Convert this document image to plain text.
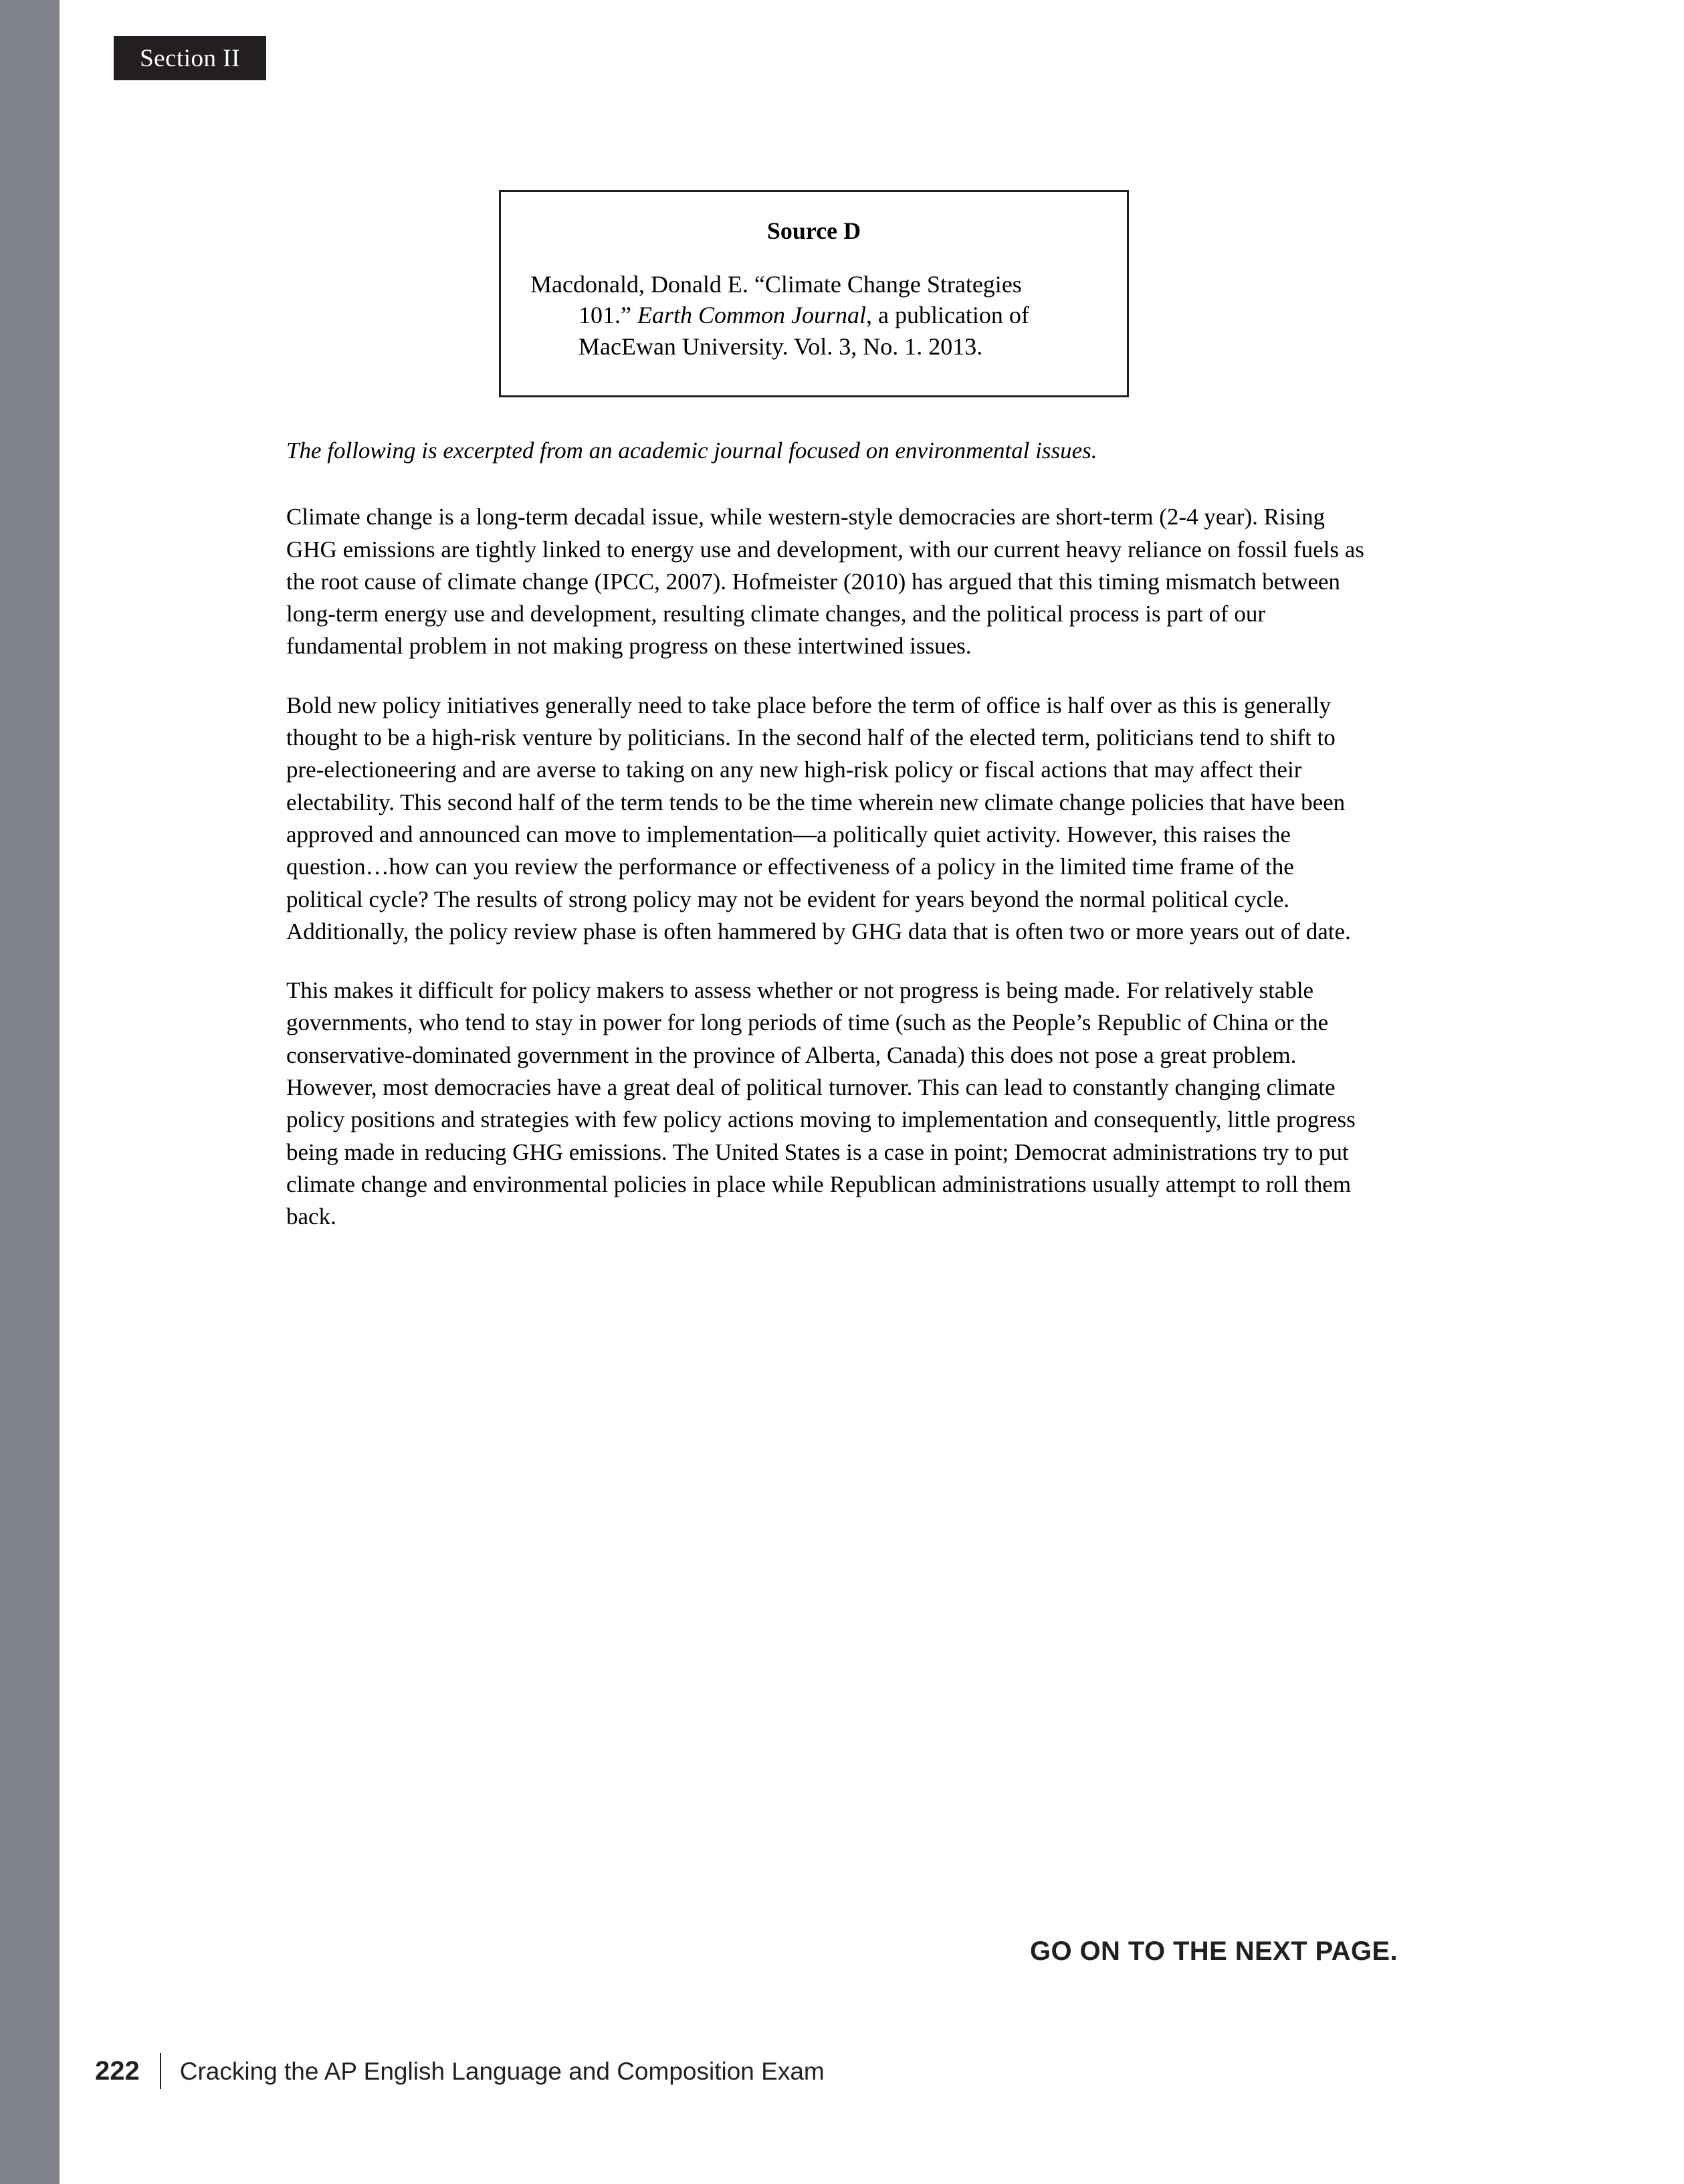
Section II
Source D
Macdonald, Donald E. “Climate Change Strategies
101.” Earth Common Journal, a publication of
MacEwan University. Vol. 3, No. 1. 2013.

The following is excerpted from an academic journal focused on environmental issues.

Climate change is a long-term decadal issue, while western-style democracies are short-term (2-4 year). Rising GHG emissions are tightly linked to energy use and development, with our current heavy reliance on fossil fuels as the root cause of climate change (IPCC, 2007). Hofmeister (2010) has argued that this timing mismatch between long-term energy use and development, resulting climate changes, and the political process is part of our fundamental problem in not making progress on these intertwined issues.

Bold new policy initiatives generally need to take place before the term of office is half over as this is generally thought to be a high-risk venture by politicians. In the second half of the elected term, politicians tend to shift to pre-electioneering and are averse to taking on any new high-risk policy or fiscal actions that may affect their electability. This second half of the term tends to be the time wherein new climate change policies that have been approved and announced can move to implementation—a politically quiet activity. However, this raises the question…how can you review the performance or effectiveness of a policy in the limited time frame of the political cycle? The results of strong policy may not be evident for years beyond the normal political cycle. Additionally, the policy review phase is often hammered by GHG data that is often two or more years out of date.

This makes it difficult for policy makers to assess whether or not progress is being made. For relatively stable governments, who tend to stay in power for long periods of time (such as the People’s Republic of China or the conservative-dominated government in the province of Alberta, Canada) this does not pose a great problem. However, most democracies have a great deal of political turnover. This can lead to constantly changing climate policy positions and strategies with few policy actions moving to implementation and consequently, little progress being made in reducing GHG emissions. The United States is a case in point; Democrat administrations try to put climate change and environmental policies in place while Republican administrations usually attempt to roll them back.

GO ON TO THE NEXT PAGE.
222 Cracking the AP English Language and Composition Exam
